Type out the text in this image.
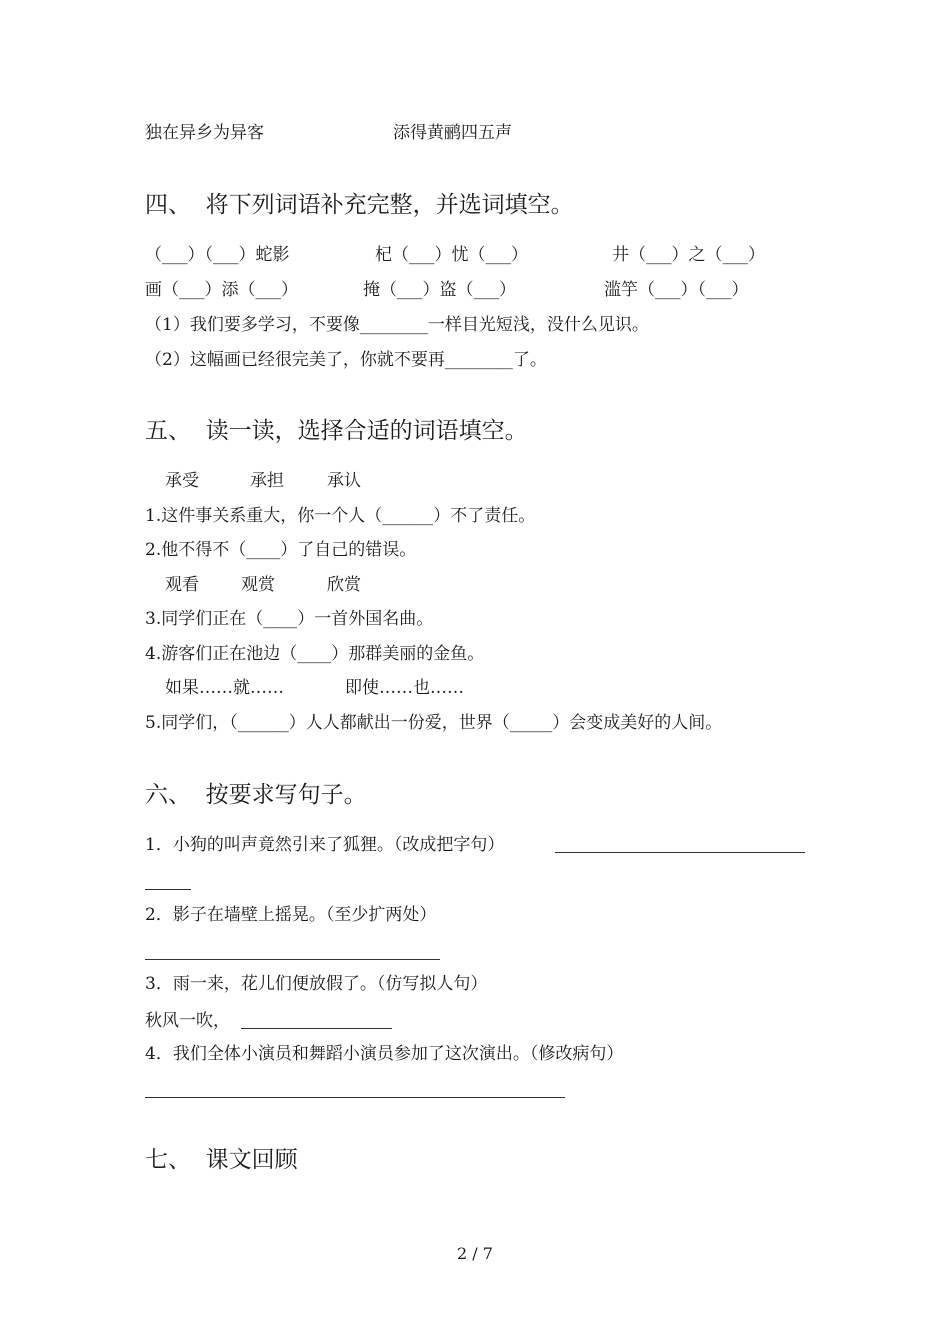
独在异乡为异客	添得黄鹂四五声
四、  将下列词语补充完整，并选词填空。
（___）（___）蛇影	杞（___）忧（___）	井（___）之（___）
画（___）添（___）	掩（___）盗（___）	滥竽（___）（___）
（1）我们要多学习，不要像________一样目光短浅，没什么见识。
（2）这幅画已经很完美了，你就不要再________了。
五、  读一读，选择合适的词语填空。
承受	承担	承认
1.这件事关系重大，你一个人（______）不了责任。
2.他不得不（____）了自己的错误。
观看 观赏	欣赏
3.同学们正在（____）一首外国名曲。
4.游客们正在池边（____）那群美丽的金鱼。
如果……就……	即使……也……
5.同学们，（______）人人都献出一份爱，世界（_____）会变成美好的人间。
六、  按要求写句子。
1．小狗的叫声竟然引来了狐狸。（改成把字句）
2．影子在墙壁上摇晃。（至少扩两处）
3．雨一来，花儿们便放假了。（仿写拟人句）
秋风一吹，
4．我们全体小演员和舞蹈小演员参加了这次演出。（修改病句）
七、  课文回顾
2 / 7
